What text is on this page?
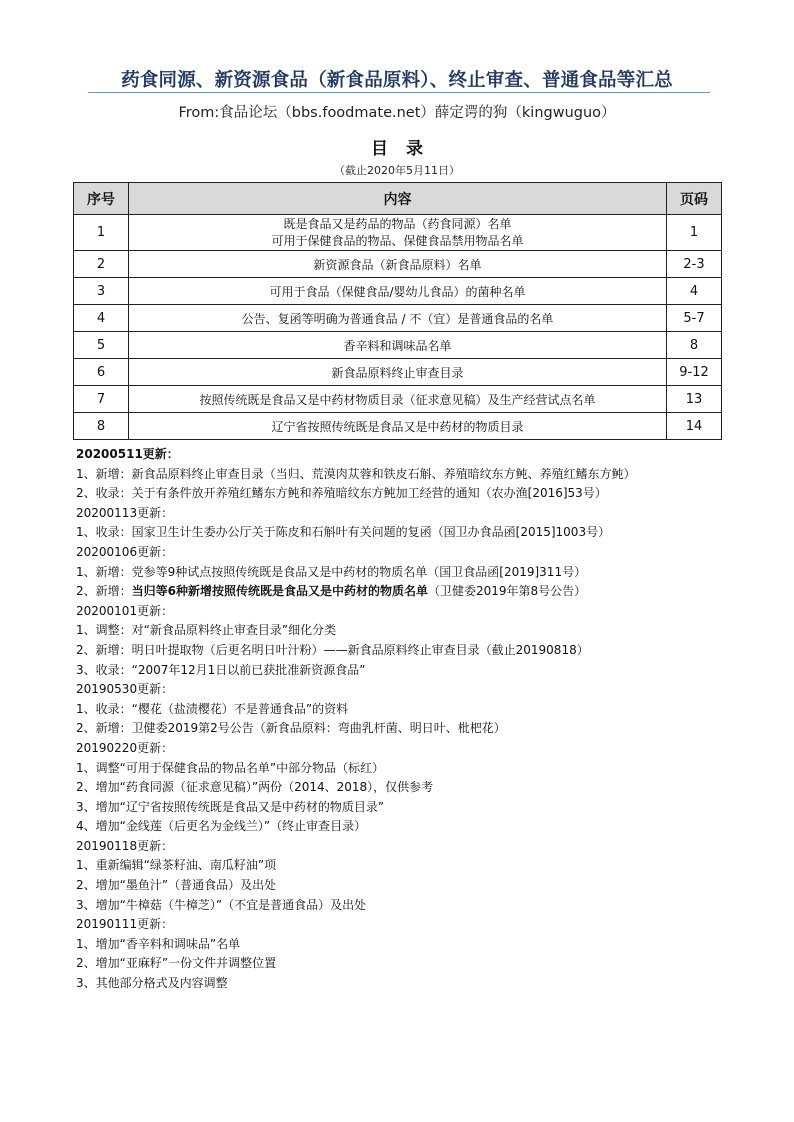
药食同源、新资源食品（新食品原料）、终止审查、普通食品等汇总
From:食品论坛（bbs.foodmate.net）薛定谔的狗（kingwuguo）
目录
（截止2020年5月11日）
序号	内容	页码
1	既是食品又是药品的物品（药食同源）名单
可用于保健食品的物品、保健食品禁用物品名单	1
2	新资源食品（新食品原料）名单	2-3
3	可用于食品（保健食品/婴幼儿食品）的菌种名单	4
4	公告、复函等明确为普通食品 / 不（宜）是普通食品的名单	5-7
5	香辛料和调味品名单	8
6	新食品原料终止审查目录	9-12
7	按照传统既是食品又是中药材物质目录（征求意见稿）及生产经营试点名单	13
8	辽宁省按照传统既是食品又是中药材的物质目录	14
20200511更新：
1、新增：新食品原料终止审查目录（当归、荒漠肉苁蓉和铁皮石斛、养殖暗纹东方鲀、养殖红鳍东方鲀）
2、收录：关于有条件放开养殖红鳍东方鲀和养殖暗纹东方鲀加工经营的通知（农办渔[2016]53号）
20200113更新：
1、收录：国家卫生计生委办公厅关于陈皮和石斛叶有关问题的复函（国卫办食品函[2015]1003号）
20200106更新：
1、新增：党参等9种试点按照传统既是食品又是中药材的物质名单（国卫食品函[2019]311号）
2、新增：当归等6种新增按照传统既是食品又是中药材的物质名单（卫健委2019年第8号公告）
20200101更新：
1、调整：对“新食品原料终止审查目录”细化分类
2、新增：明日叶提取物（后更名明日叶汁粉）——新食品原料终止审查目录（截止20190818）
3、收录：“2007年12月1日以前已获批准新资源食品”
20190530更新：
1、收录：“樱花（盐渍樱花）不是普通食品”的资料
2、新增：卫健委2019第2号公告（新食品原料：弯曲乳杆菌、明日叶、枇杷花）
20190220更新：
1、调整“可用于保健食品的物品名单”中部分物品（标红）
2、增加“药食同源（征求意见稿）”两份（2014、2018），仅供参考
3、增加“辽宁省按照传统既是食品又是中药材的物质目录”
4、增加“金线莲（后更名为金线兰）”（终止审查目录）
20190118更新：
1、重新编辑“绿茶籽油、南瓜籽油”项
2、增加“墨鱼汁”（普通食品）及出处
3、增加“牛樟菇（牛樟芝）”（不宜是普通食品）及出处
20190111更新：
1、增加“香辛料和调味品”名单
2、增加“亚麻籽”一份文件并调整位置
3、其他部分格式及内容调整
